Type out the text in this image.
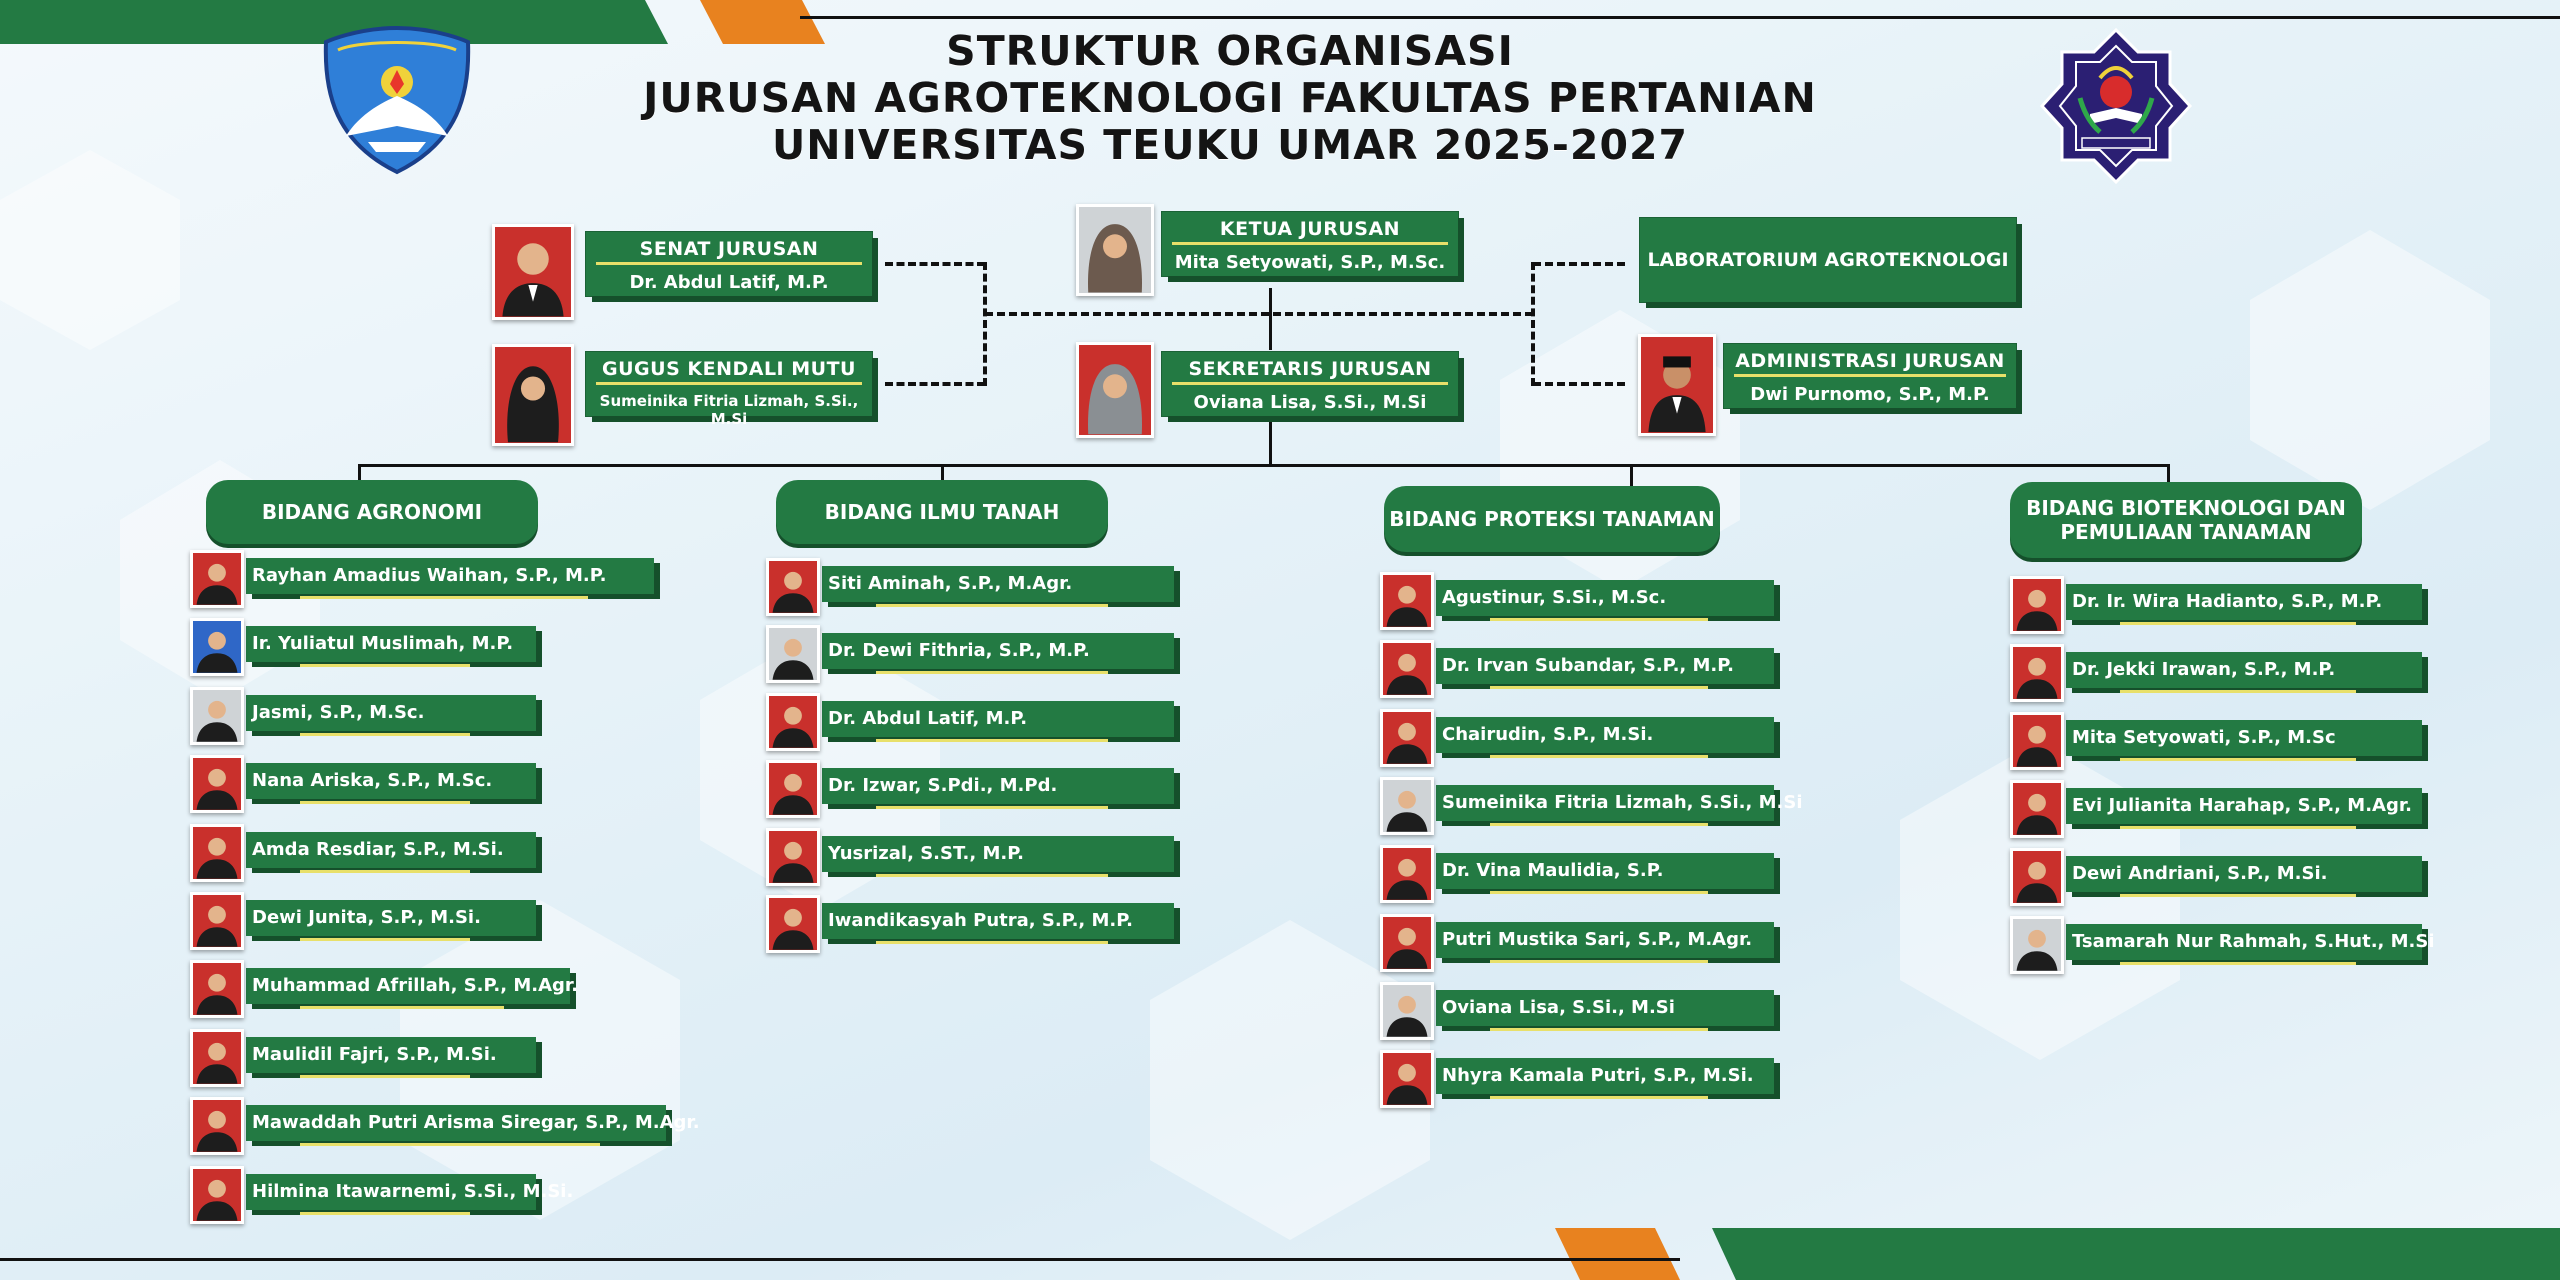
STRUKTUR ORGANISASI
JURUSAN AGROTEKNOLOGI FAKULTAS PERTANIAN
UNIVERSITAS TEUKU UMAR 2025-2027
SENAT JURUSAN
Dr. Abdul Latif, M.P.
GUGUS KENDALI MUTU
Sumeinika Fitria Lizmah, S.Si., M.Si
KETUA JURUSAN
Mita Setyowati, S.P., M.Sc.
SEKRETARIS JURUSAN
Oviana Lisa, S.Si., M.Si
LABORATORIUM AGROTEKNOLOGI
ADMINISTRASI JURUSAN
Dwi Purnomo, S.P., M.P.
BIDANG AGRONOMI	BIDANG ILMU TANAH	BIDANG PROTEKSI TANAMAN	BIDANG BIOTEKNOLOGI DAN PEMULIAAN TANAMAN
Rayhan Amadius Waihan, S.P., M.P.
Ir. Yuliatul Muslimah, M.P.
Jasmi, S.P., M.Sc.
Nana Ariska, S.P., M.Sc.
Amda Resdiar, S.P., M.Si.
Dewi Junita, S.P., M.Si.
Muhammad Afrillah, S.P., M.Agr.
Maulidil Fajri, S.P., M.Si.
Mawaddah Putri Arisma Siregar, S.P., M.Agr.
Hilmina Itawarnemi, S.Si., M.Si.
Siti Aminah, S.P., M.Agr.
Dr. Dewi Fithria, S.P., M.P.
Dr. Abdul Latif, M.P.
Dr. Izwar, S.Pdi., M.Pd.
Yusrizal, S.ST., M.P.
Iwandikasyah Putra, S.P., M.P.
Agustinur, S.Si., M.Sc.
Dr. Irvan Subandar, S.P., M.P.
Chairudin, S.P., M.Si.
Sumeinika Fitria Lizmah, S.Si., M.Si
Dr. Vina Maulidia, S.P.
Putri Mustika Sari, S.P., M.Agr.
Oviana Lisa, S.Si., M.Si
Nhyra Kamala Putri, S.P., M.Si.
Dr. Ir. Wira Hadianto, S.P., M.P.
Dr. Jekki Irawan, S.P., M.P.
Mita Setyowati, S.P., M.Sc
Evi Julianita Harahap, S.P., M.Agr.
Dewi Andriani, S.P., M.Si.
Tsamarah Nur Rahmah, S.Hut., M.Si
